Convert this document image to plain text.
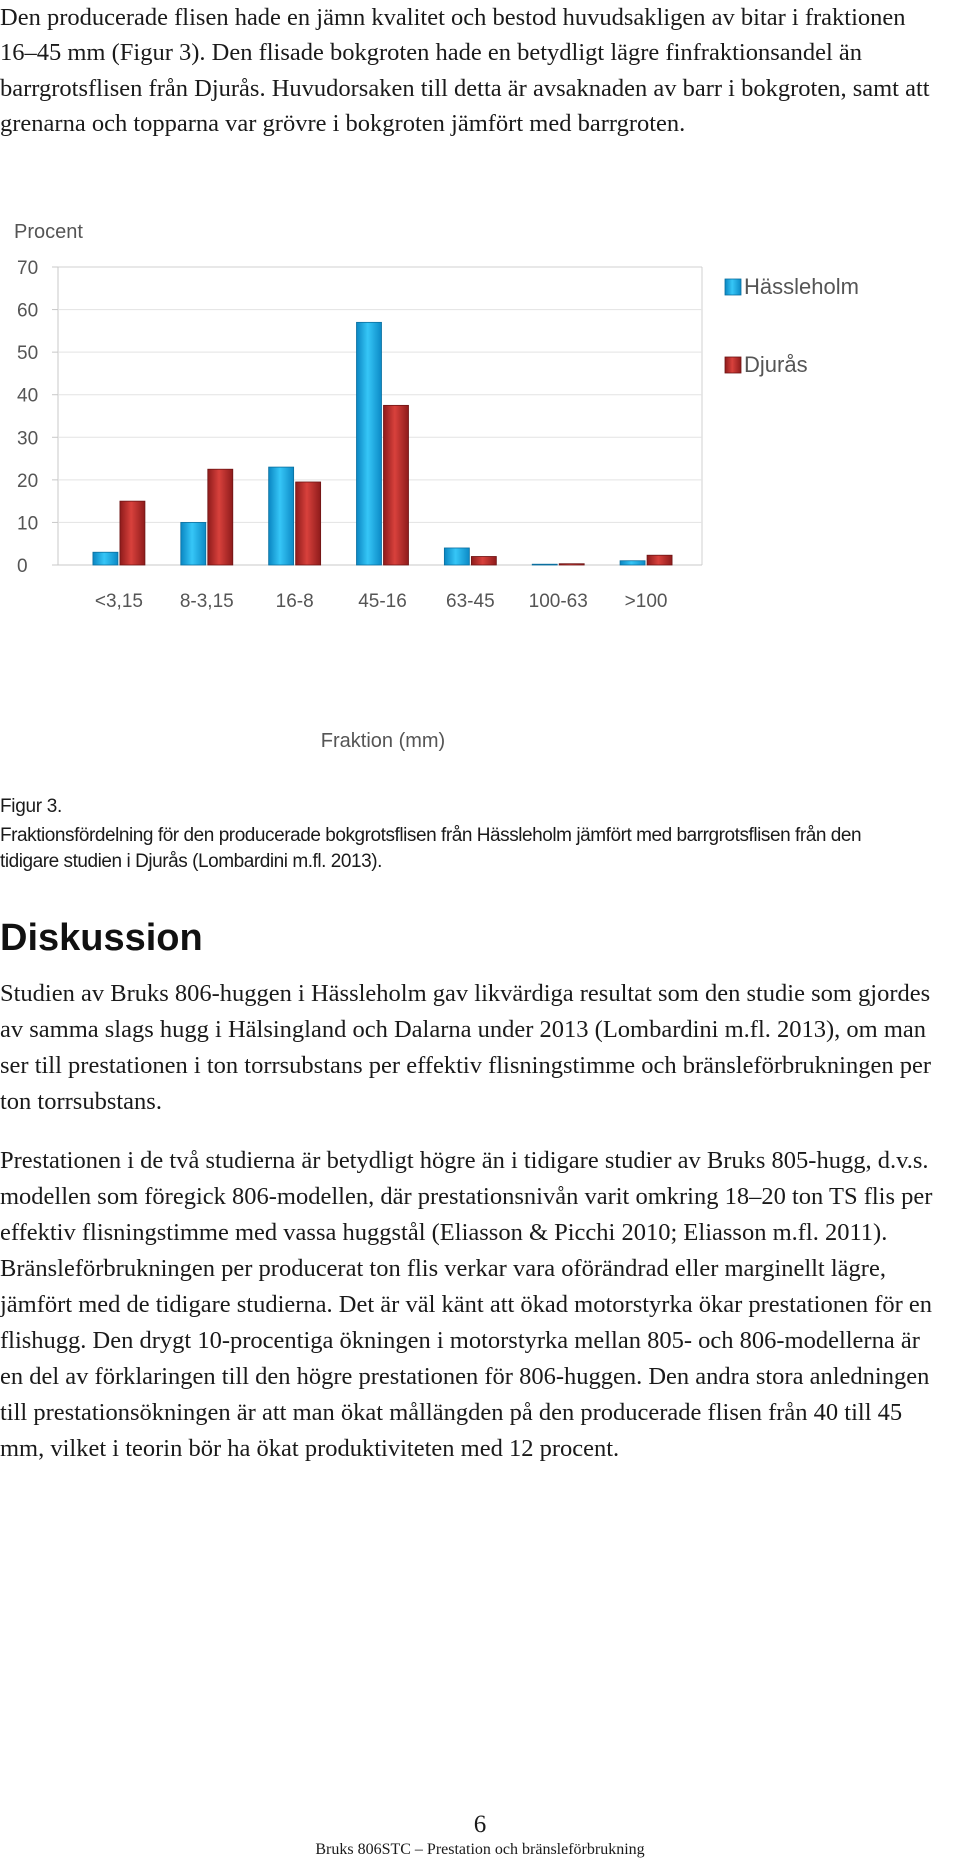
Den producerade flisen hade en jämn kvalitet och bestod huvudsakligen av bitar i fraktionen 16–45 mm (Figur 3). Den flisade bokgroten hade en betydligt lägre finfraktionsandel än barrgrotsflisen från Djurås. Huvudorsaken till detta är avsaknaden av barr i bokgroten, samt att grenarna och topparna var grövre i bokgroten jämfört med barrgroten.

Procent
0
10
20
30
40
50
60
70
<3,15 8-3,15 16-8 45-16 63-45 100-63 >100
Fraktion (mm)
Hässleholm
Djurås

Figur 3.

Fraktionsfördelning för den producerade bokgrotsflisen från Hässleholm jämfört med barrgrotsflisen från den tidigare studien i Djurås (Lombardini m.fl. 2013).

Diskussion

Studien av Bruks 806-huggen i Hässleholm gav likvärdiga resultat som den studie som gjordes av samma slags hugg i Hälsingland och Dalarna under 2013 (Lombardini m.fl. 2013), om man ser till prestationen i ton torrsubstans per effektiv flisningstimme och bränsleförbrukningen per ton torrsubstans.

Prestationen i de två studierna är betydligt högre än i tidigare studier av Bruks 805-hugg, d.v.s. modellen som föregick 806-modellen, där prestationsnivån varit omkring 18–20 ton TS flis per effektiv flisningstimme med vassa huggstål (Eliasson & Picchi 2010; Eliasson m.fl. 2011). Bränsleförbrukningen per producerat ton flis verkar vara oförändrad eller marginellt lägre, jämfört med de tidigare studierna. Det är väl känt att ökad motorstyrka ökar prestationen för en flishugg. Den drygt 10-procentiga ökningen i motorstyrka mellan 805- och 806-modellerna är en del av förklaringen till den högre prestationen för 806-huggen. Den andra stora anledningen till prestationsökningen är att man ökat mållängden på den producerade flisen från 40 till 45 mm, vilket i teorin bör ha ökat produktiviteten med 12 procent.

6

Bruks 806STC – Prestation och bränsleförbrukning
